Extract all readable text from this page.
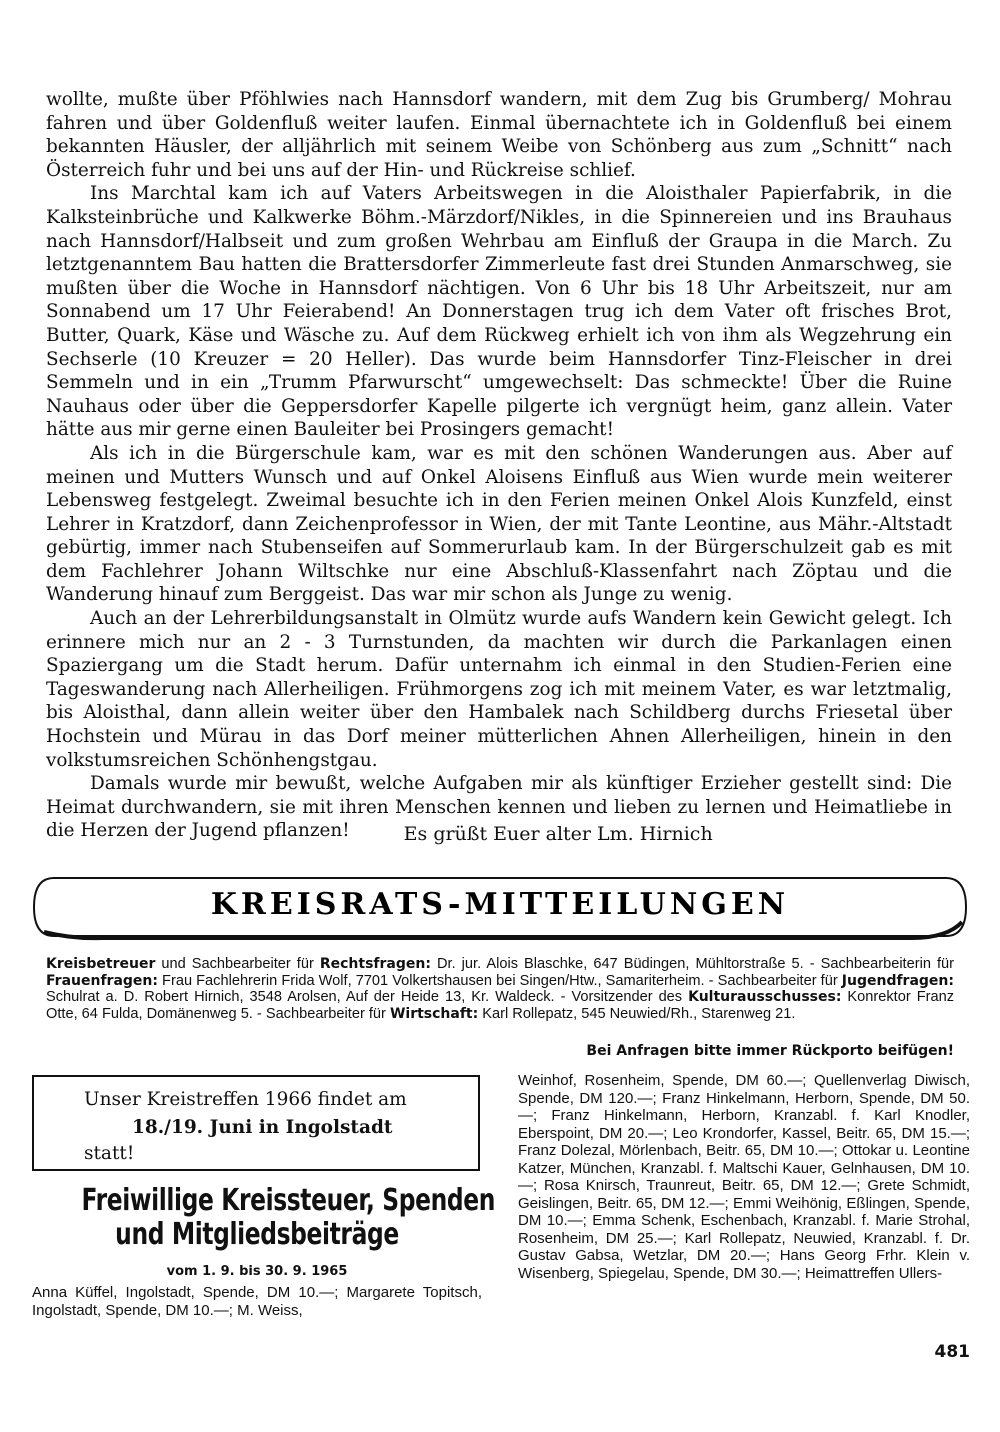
wollte, mußte über Pföhlwies nach Hannsdorf wandern, mit dem Zug bis Grumberg/ Mohrau fahren und über Goldenfluß weiter laufen. Einmal übernachtete ich in Goldenfluß bei einem bekannten Häusler, der alljährlich mit seinem Weibe von Schönberg aus zum „Schnitt“ nach Österreich fuhr und bei uns auf der Hin- und Rückreise schlief.

Ins Marchtal kam ich auf Vaters Arbeitswegen in die Aloisthaler Papierfabrik, in die Kalksteinbrüche und Kalkwerke Böhm.-Märzdorf/Nikles, in die Spinnereien und ins Brauhaus nach Hannsdorf/Halbseit und zum großen Wehrbau am Einfluß der Graupa in die March. Zu letztgenanntem Bau hatten die Brattersdorfer Zimmerleute fast drei Stunden Anmarschweg, sie mußten über die Woche in Hannsdorf nächtigen. Von 6 Uhr bis 18 Uhr Arbeitszeit, nur am Sonnabend um 17 Uhr Feierabend! An Donnerstagen trug ich dem Vater oft frisches Brot, Butter, Quark, Käse und Wäsche zu. Auf dem Rückweg erhielt ich von ihm als Wegzehrung ein Sechserle (10 Kreuzer = 20 Heller). Das wurde beim Hannsdorfer Tinz-Fleischer in drei Semmeln und in ein „Trumm Pfarwurscht“ umgewechselt: Das schmeckte! Über die Ruine Nauhaus oder über die Geppersdorfer Kapelle pilgerte ich vergnügt heim, ganz allein. Vater hätte aus mir gerne einen Bauleiter bei Prosingers gemacht!

Als ich in die Bürgerschule kam, war es mit den schönen Wanderungen aus. Aber auf meinen und Mutters Wunsch und auf Onkel Aloisens Einfluß aus Wien wurde mein weiterer Lebensweg festgelegt. Zweimal besuchte ich in den Ferien meinen Onkel Alois Kunzfeld, einst Lehrer in Kratzdorf, dann Zeichenprofessor in Wien, der mit Tante Leontine, aus Mähr.-Altstadt gebürtig, immer nach Stubenseifen auf Sommerurlaub kam. In der Bürgerschulzeit gab es mit dem Fachlehrer Johann Wiltschke nur eine Abschluß-Klassenfahrt nach Zöptau und die Wanderung hinauf zum Berggeist. Das war mir schon als Junge zu wenig.

Auch an der Lehrerbildungsanstalt in Olmütz wurde aufs Wandern kein Gewicht gelegt. Ich erinnere mich nur an 2 - 3 Turnstunden, da machten wir durch die Parkanlagen einen Spaziergang um die Stadt herum. Dafür unternahm ich einmal in den Studien-Ferien eine Tageswanderung nach Allerheiligen. Frühmorgens zog ich mit meinem Vater, es war letztmalig, bis Aloisthal, dann allein weiter über den Hambalek nach Schildberg durchs Friesetal über Hochstein und Mürau in das Dorf meiner mütterlichen Ahnen Allerheiligen, hinein in den volkstumsreichen Schönhengstgau.

Damals wurde mir bewußt, welche Aufgaben mir als künftiger Erzieher gestellt sind: Die Heimat durchwandern, sie mit ihren Menschen kennen und lieben zu lernen und Heimatliebe in die Herzen der Jugend pflanzen!	Es grüßt Euer alter Lm. Hirnich

KREISRATS-MITTEILUNGEN
Kreisbetreuer und Sachbearbeiter für Rechtsfragen: Dr. jur. Alois Blaschke, 647 Büdingen, Mühltorstraße 5. - Sachbearbeiterin für Frauenfragen: Frau Fachlehrerin Frida Wolf, 7701 Volkertshausen bei Singen/Htw., Samariterheim. - Sachbearbeiter für Jugendfragen: Schulrat a. D. Robert Hirnich, 3548 Arolsen, Auf der Heide 13, Kr. Waldeck. - Vorsitzender des Kulturausschusses: Konrektor Franz Otte, 64 Fulda, Domänenweg 5. - Sachbearbeiter für Wirtschaft: Karl Rollepatz, 545 Neuwied/Rh., Starenweg 21.
Bei Anfragen bitte immer Rückporto beifügen!
Unser Kreistreffen 1966 findet am
18./19. Juni in Ingolstadt
statt!
Freiwillige Kreissteuer, Spenden
und Mitgliedsbeiträge
vom 1. 9. bis 30. 9. 1965
Anna Küffel, Ingolstadt, Spende, DM 10.—; Margarete Topitsch, Ingolstadt, Spende, DM 10.—; M. Weiss,
Weinhof, Rosenheim, Spende, DM 60.—; Quellenverlag Diwisch, Spende, DM 120.—; Franz Hinkelmann, Herborn, Spende, DM 50.—; Franz Hinkelmann, Herborn, Kranzabl. f. Karl Knodler, Eberspoint, DM 20.—; Leo Krondorfer, Kassel, Beitr. 65, DM 15.—; Franz Dolezal, Mörlenbach, Beitr. 65, DM 10.—; Ottokar u. Leontine Katzer, München, Kranzabl. f. Maltschi Kauer, Gelnhausen, DM 10.—; Rosa Knirsch, Traunreut, Beitr. 65, DM 12.—; Grete Schmidt, Geislingen, Beitr. 65, DM 12.—; Emmi Weihönig, Eßlingen, Spende, DM 10.—; Emma Schenk, Eschenbach, Kranzabl. f. Marie Strohal, Rosenheim, DM 25.—; Karl Rollepatz, Neuwied, Kranzabl. f. Dr. Gustav Gabsa, Wetzlar, DM 20.—; Hans Georg Frhr. Klein v. Wisenberg, Spiegelau, Spende, DM 30.—; Heimattreffen Ullers-
481
